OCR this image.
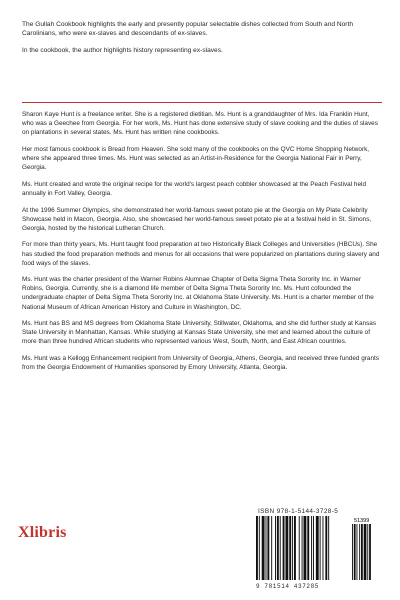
The Gullah Cookbook highlights the early and presently popular selectable dishes collected from South and North Carolinians, who were ex-slaves and descendants of ex-slaves.

In the cookbook, the author highlights history representing ex-slaves.

Sharon Kaye Hunt is a freelance writer. She is a registered dietitian. Ms. Hunt is a granddaughter of Mrs. Ida Franklin Hunt, who was a Geechee from Georgia. For her work, Ms. Hunt has done extensive study of slave cooking and the duties of slaves on plantations in several states. Ms. Hunt has written nine cookbooks.

Her most famous cookbook is Bread from Heaven. She sold many of the cookbooks on the QVC Home Shopping Network, where she appeared three times. Ms. Hunt was selected as an Artist-in-Residence for the Georgia National Fair in Perry, Georgia.

Ms. Hunt created and wrote the original recipe for the world's largest peach cobbler showcased at the Peach Festival held annually in Fort Valley, Georgia.

At the 1996 Summer Olympics, she demonstrated her world-famous sweet potato pie at the Georgia on My Plate Celebrity Showcase held in Macon, Georgia. Also, she showcased her world-famous sweet potato pie at a festival held in St. Simons, Georgia, hosted by the historical Lutheran Church.

For more than thirty years, Ms. Hunt taught food preparation at two Historically Black Colleges and Universities (HBCUs). She has studied the food preparation methods and menus for all occasions that were popularized on plantations during slavery and food ways of the slaves.

Ms. Hunt was the charter president of the Warner Robins Alumnae Chapter of Delta Sigma Theta Sorority Inc. in Warner Robins, Georgia. Currently, she is a diamond life member of Delta Sigma Theta Sorority Inc. Ms. Hunt cofounded the undergraduate chapter of Delta Sigma Theta Sorority Inc. at Oklahoma State University. Ms. Hunt is a charter member of the National Museum of African American History and Culture in Washington, DC.

Ms. Hunt has BS and MS degrees from Oklahoma State University, Stillwater, Oklahoma, and she did further study at Kansas State University in Manhattan, Kansas. While studying at Kansas State University, she met and learned about the culture of more than three hundred African students who represented various West, South, North, and East African countries.

Ms. Hunt was a Kellogg Enhancement recipient from University of Georgia, Athens, Georgia, and received three funded grants from the Georgia Endowment of Humanities sponsored by Emory University, Atlanta, Georgia.

Xlibris
ISBN 978-1-5144-3728-5
51399
9 781514 437285
